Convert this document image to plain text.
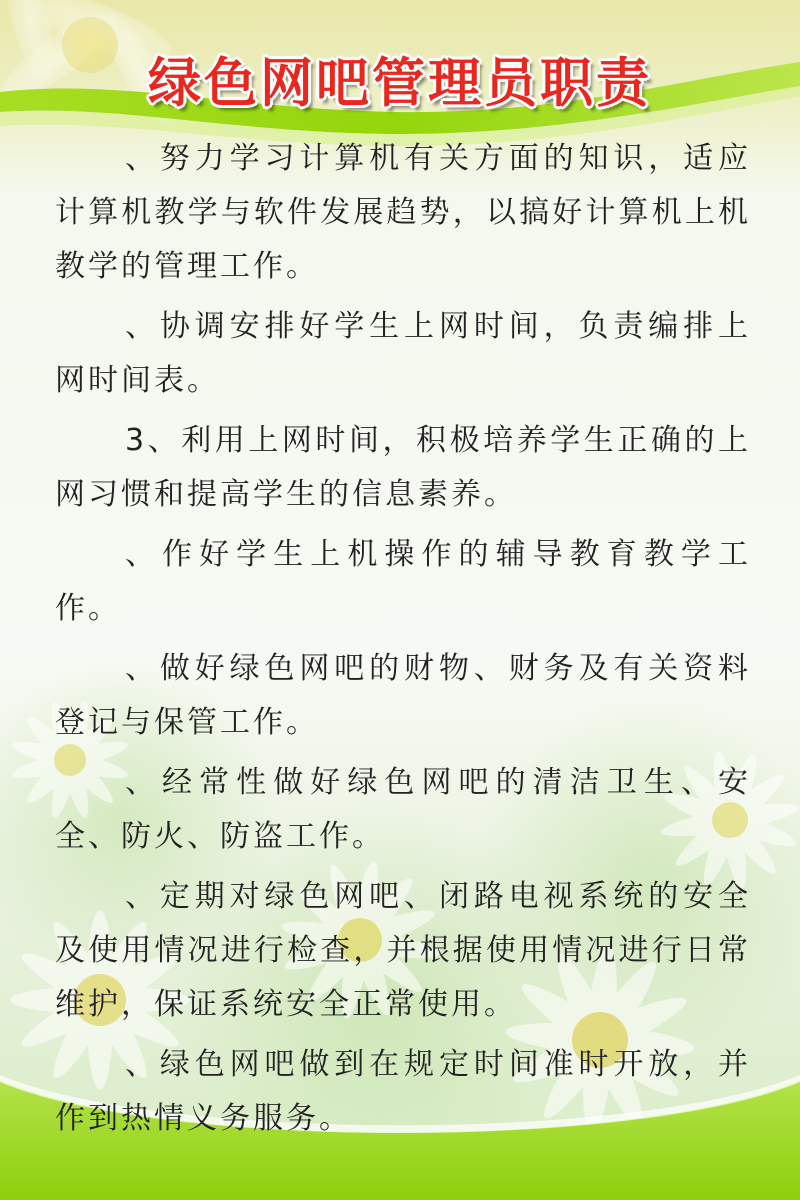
绿色网吧管理员职责

、努力学习计算机有关方面的知识，适应计算机教学与软件发展趋势，以搞好计算机上机教学的管理工作。

、协调安排好学生上网时间，负责编排上网时间表。

3、利用上网时间，积极培养学生正确的上网习惯和提高学生的信息素养。

、作好学生上机操作的辅导教育教学工作。

、做好绿色网吧的财物、财务及有关资料登记与保管工作。

、经常性做好绿色网吧的清洁卫生、安全、防火、防盗工作。

、定期对绿色网吧、闭路电视系统的安全及使用情况进行检查，并根据使用情况进行日常维护，保证系统安全正常使用。

、绿色网吧做到在规定时间准时开放，并作到热情义务服务。
